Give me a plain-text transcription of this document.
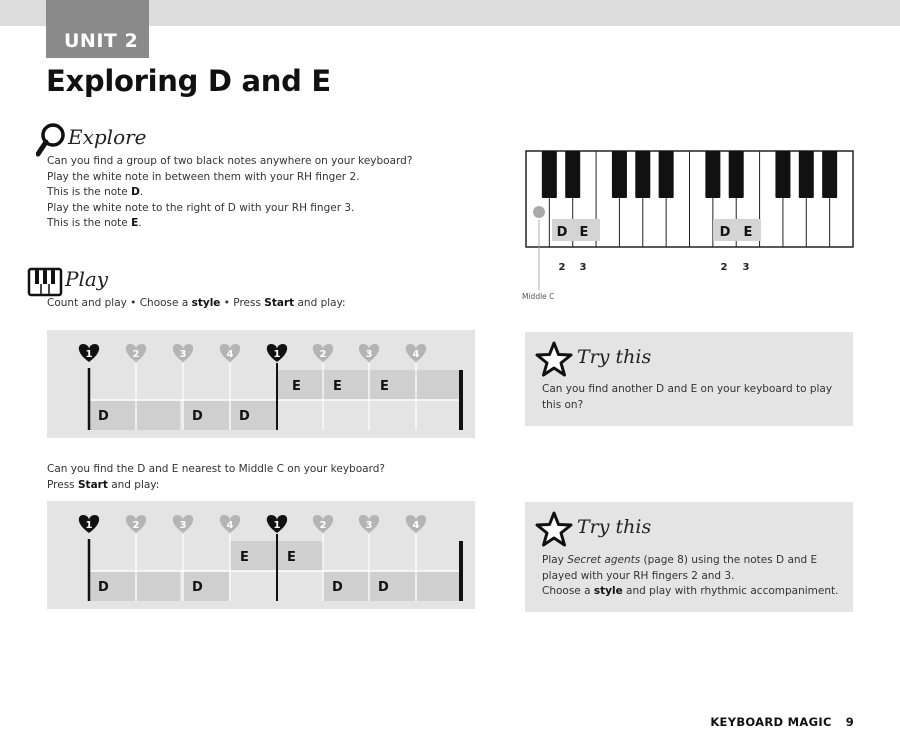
UNIT 2
Exploring D and E
Explore

Can you find a group of two black notes anywhere on your keyboard?

Play the white note in between them with your RH finger 2.

This is the note D.

Play the white note to the right of D with your RH finger 3.

This is the note E.

D E	D E
2 3	2 3
Middle C
Play

Count and play • Choose a style • Press Start and play:

1	2	3	4	1	2	3	4
E E	E
D	D	D

Can you find the D and E nearest to Middle C on your keyboard?

Press Start and play:

1	2	3	4	1	2	3	4
E	E
D	D	D	D
Try this

Can you find another D and E on your keyboard to play

this on?

Try this

Play Secret agents (page 8) using the notes D and E

played with your RH fingers 2 and 3.

Choose a style and play with rhythmic accompaniment.

KEYBOARD MAGIC 9
